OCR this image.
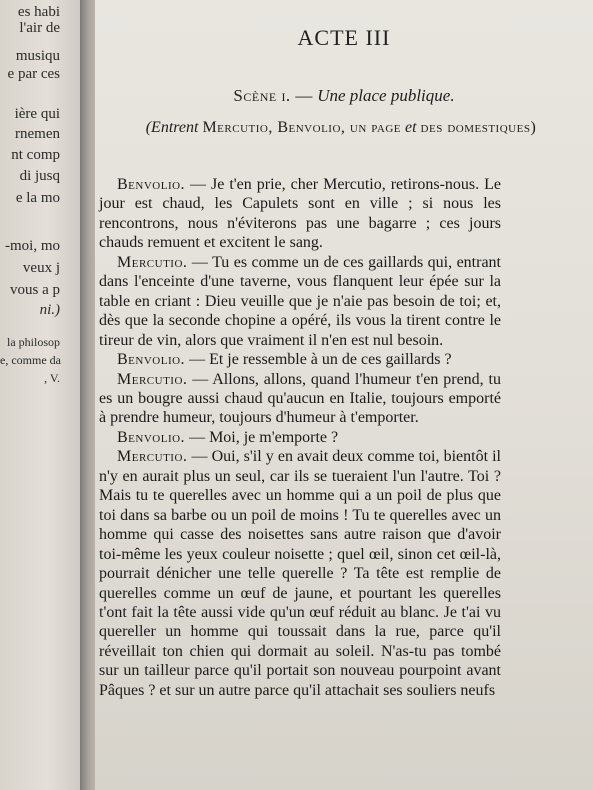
es habi
l'air de
musiqu
e par ces
ière qui
rnemen
nt comp
di jusq
e la mo
-moi, mo
veux j
vous a p
ni.)
la philosop
e, comme da
, V.
ACTE III
Scène i. — Une place publique.
(Entrent Mercutio, Benvolio, un page et des domestiques)

Benvolio. — Je t'en prie, cher Mercutio, retirons-nous. Le jour est chaud, les Capulets sont en ville ; si nous les rencontrons, nous n'éviterons pas une bagarre ; ces jours chauds remuent et excitent le sang.

Mercutio. — Tu es comme un de ces gaillards qui, entrant dans l'enceinte d'une taverne, vous flanquent leur épée sur la table en criant : Dieu veuille que je n'aie pas besoin de toi; et, dès que la seconde chopine a opéré, ils vous la tirent contre le tireur de vin, alors que vraiment il n'en est nul besoin.

Benvolio. — Et je ressemble à un de ces gaillards ?

Mercutio. — Allons, allons, quand l'humeur t'en prend, tu es un bougre aussi chaud qu'aucun en Italie, toujours emporté à prendre humeur, toujours d'humeur à t'emporter.

Benvolio. — Moi, je m'emporte ?

Mercutio. — Oui, s'il y en avait deux comme toi, bientôt il n'y en aurait plus un seul, car ils se tueraient l'un l'autre. Toi ? Mais tu te querelles avec un homme qui a un poil de plus que toi dans sa barbe ou un poil de moins ! Tu te querelles avec un homme qui casse des noisettes sans autre raison que d'avoir toi-même les yeux couleur noisette ; quel œil, sinon cet œil-là, pourrait dénicher une telle querelle ? Ta tête est remplie de querelles comme un œuf de jaune, et pourtant les querelles t'ont fait la tête aussi vide qu'un œuf réduit au blanc. Je t'ai vu quereller un homme qui toussait dans la rue, parce qu'il réveillait ton chien qui dormait au soleil. N'as-tu pas tombé sur un tailleur parce qu'il portait son nouveau pourpoint avant Pâques ? et sur un autre parce qu'il attachait ses souliers neufs
